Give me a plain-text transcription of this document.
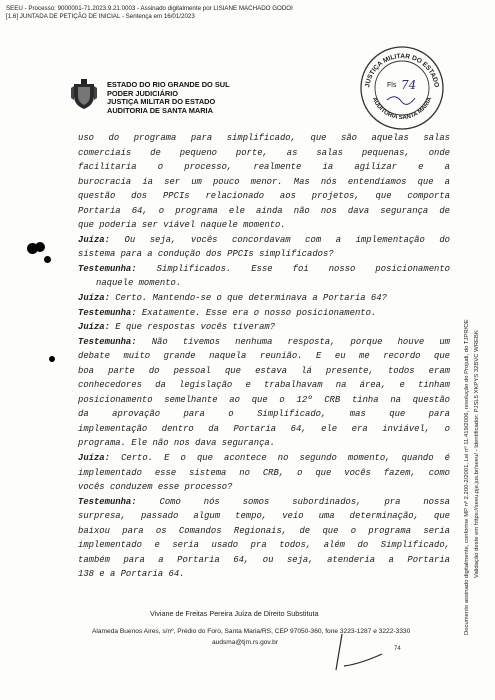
SEEU - Processo: 9000001-71.2023.9.21.0003 - Assinado digitalmente por LISIANE MACHADO GODOI
[1.6] JUNTADA DE PETIÇÃO DE INICIAL - Sentença em 16/01/2023
ESTADO DO RIO GRANDE DO SUL
PODER JUDICIÁRIO
JUSTIÇA MILITAR DO ESTADO
AUDITORIA DE SANTA MARIA
JUSTIÇA MILITAR DO ESTADO
AUDITORIA SANTA MARIA
Fls 74
Documento assinado digitalmente, conforme MP nº 2.200-2/2001, Lei nº 11.419/2006, resolução do Projudi, do TJPR/OE Validação deste em https://seeu.pje.jus.br/seeu/ - Identificador: PJSL5 XKPYS 32BVC WREBK
uso do programa para simplificado, que são aquelas salas
comerciais de pequeno porte, as salas pequenas, onde
facilitaria o processo, realmente ia agilizar e a
burocracia ia ser um pouco menor. Mas nós entendíamos que a
questão dos PPCIs relacionado aos projetos, que comporta
Portaria 64, o programa ele ainda não nos dava segurança de
que poderia ser viável naquele momento.
Juíza: Ou seja, vocês concordavam com a implementação do
sistema para a condução dos PPCIs simplificados?
Testemunha: Simplificados. Esse foi nosso posicionamento
naquele momento.
Juíza: Certo. Mantendo-se o que determinava a Portaria 64?
Testemunha: Exatamente. Esse era o nosso posicionamento.
Juíza: E que respostas vocês tiveram?
Testemunha: Não tivemos nenhuma resposta, porque houve um
debate muito grande naquela reunião. E eu me recordo que
boa parte do pessoal que estava lá presente, todos eram
conhecedores da legislação e trabalhavam na área, e tinham
posicionamento semelhante ao que o 12º CRB tinha na questão
da aprovação para o Simplificado, mas que para
implementação dentro da Portaria 64, ele era inviável, o
programa. Ele não nos dava segurança.
Juíza: Certo. E o que acontece no segundo momento, quando é
implementado esse sistema no CRB, o que vocês fazem, como
vocês conduzem esse processo?
Testemunha: Como nós somos subordinados, pra nossa
surpresa, passado algum tempo, veio uma determinação, que
baixou para os Comandos Regionais, de que o programa seria
implementado e seria usado pra todos, além do Simplificado,
também para a Portaria 64, ou seja, atenderia a Portaria
138 e a Portaria 64.
Viviane de Freitas Pereira Juíza de Direito Substituta
Alameda Buenos Aires, s/nº, Prédio do Foro, Santa Maria/RS, CEP 97050-360, fone 3223-1287 e 3222-3330
audsma@tjm.rs.gov.br
74
